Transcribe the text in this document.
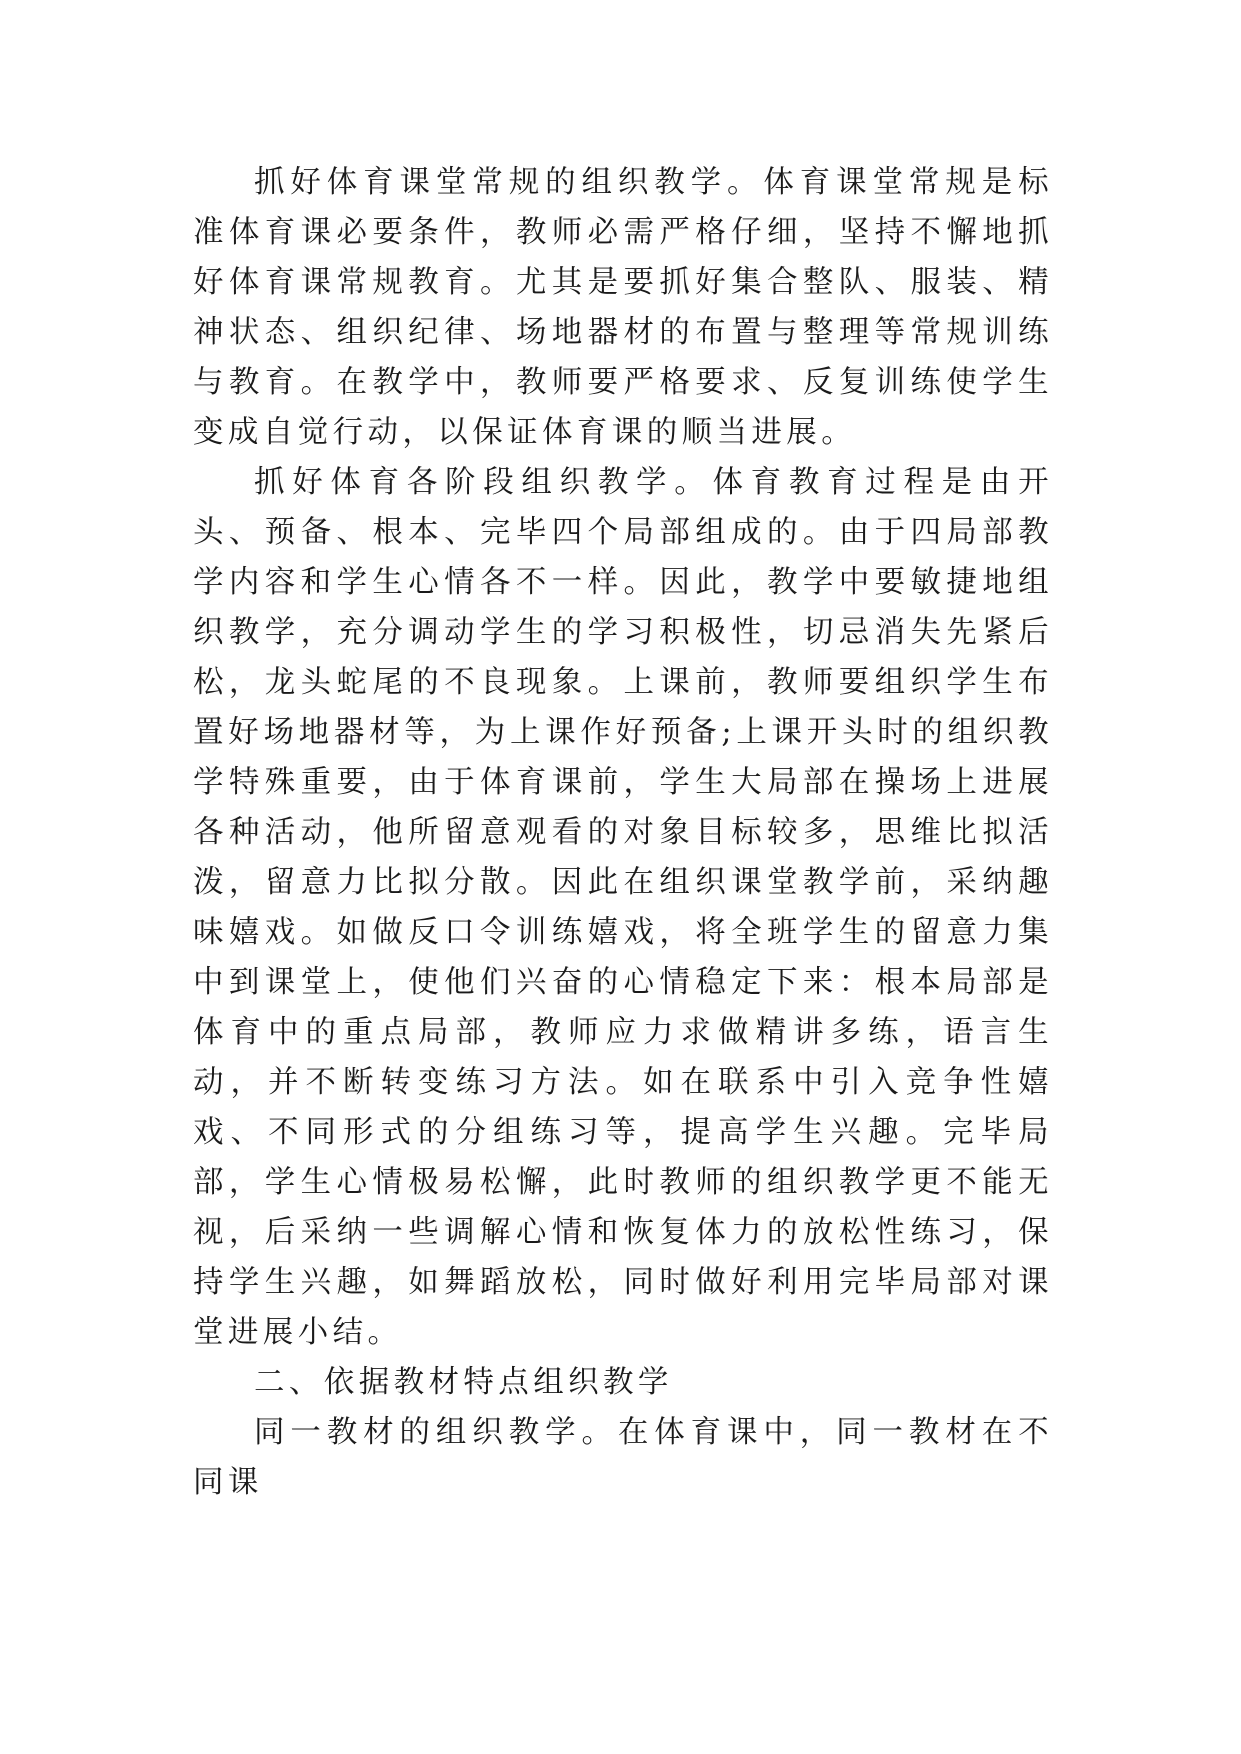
抓好体育课堂常规的组织教学。体育课堂常规是标准体育课必要条件，教师必需严格仔细，坚持不懈地抓好体育课常规教育。尤其是要抓好集合整队、服装、精神状态、组织纪律、场地器材的布置与整理等常规训练与教育。在教学中，教师要严格要求、反复训练使学生变成自觉行动，以保证体育课的顺当进展。

抓好体育各阶段组织教学。体育教育过程是由开头、预备、根本、完毕四个局部组成的。由于四局部教学内容和学生心情各不一样。因此，教学中要敏捷地组织教学，充分调动学生的学习积极性，切忌消失先紧后松，龙头蛇尾的不良现象。上课前，教师要组织学生布置好场地器材等，为上课作好预备;上课开头时的组织教学特殊重要，由于体育课前，学生大局部在操场上进展各种活动，他所留意观看的对象目标较多，思维比拟活泼，留意力比拟分散。因此在组织课堂教学前，采纳趣味嬉戏。如做反口令训练嬉戏，将全班学生的留意力集中到课堂上，使他们兴奋的心情稳定下来：根本局部是体育中的重点局部，教师应力求做精讲多练，语言生动，并不断转变练习方法。如在联系中引入竞争性嬉戏、不同形式的分组练习等，提高学生兴趣。完毕局部，学生心情极易松懈，此时教师的组织教学更不能无视，后采纳一些调解心情和恢复体力的放松性练习，保持学生兴趣，如舞蹈放松，同时做好利用完毕局部对课堂进展小结。

二、依据教材特点组织教学

同一教材的组织教学。在体育课中，同一教材在不同课
